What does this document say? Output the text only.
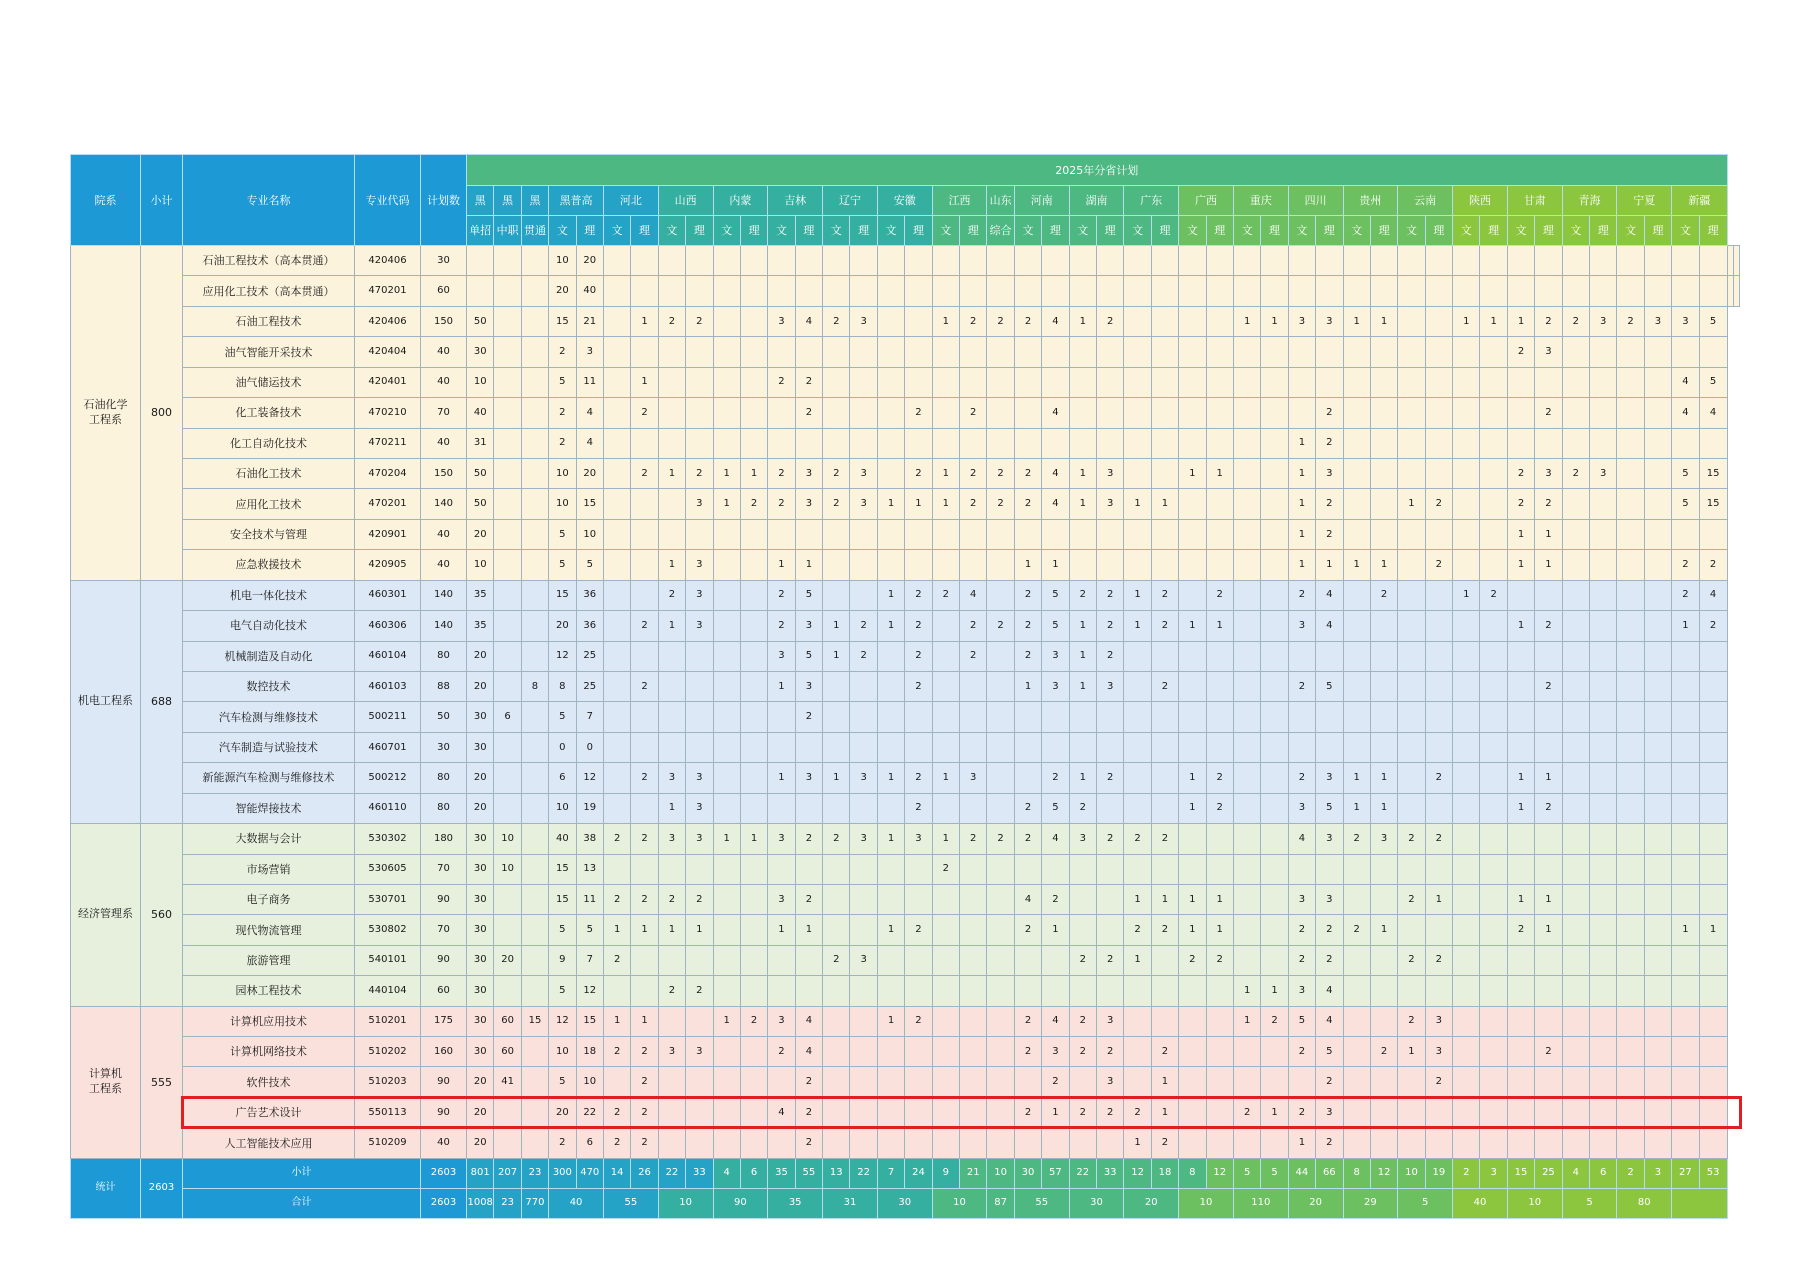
院系	小计	专业名称	专业代码	计划数	2025年分省计划																																															
					黑	黑	黑	黑普高		河北		山西		内蒙		吉林		辽宁		安徽		江西		山东	河南		湖南		广东		广西		重庆		四川		贵州		云南		陕西		甘肃		青海		宁夏		新疆			
					单招	中职	贯通	文	理	文	理	文	理	文	理	文	理	文	理	文	理	文	理	综合	文	理	文	理	文	理	文	理	文	理	文	理	文	理	文	理	文	理	文	理	文	理	文	理	文	理		
石油化学
工程系	800	石油工程技术（高本贯通）	420406	30				10	20																																											
		应用化工技术（高本贯通）	470201	60				20	40																																											
		石油工程技术	420406	150	50			15	21		1	2	2			3	4	2	3			1	2	2	2	4	1	2					1	1	3	3	1	1			1	1	1	2	2	3	2	3	3	5		
		油气智能开采技术	420404	40	30			2	3																																		2	3								
		油气储运技术	420401	40	10			5	11		1					2	2																																4	5		
		化工装备技术	470210	70	40			2	4		2						2				2		2			4										2								2					4	4		
		化工自动化技术	470211	40	31			2	4																										1	2																
		石油化工技术	470204	150	50			10	20		2	1	2	1	1	2	3	2	3		2	1	2	2	2	4	1	3			1	1			1	3							2	3	2	3			5	15		
		应用化工技术	470201	140	50			10	15				3	1	2	2	3	2	3	1	1	1	2	2	2	4	1	3	1	1					1	2			1	2			2	2					5	15		
		安全技术与管理	420901	40	20			5	10																										1	2							1	1								
		应急救援技术	420905	40	10			5	5			1	3			1	1								1	1									1	1	1	1		2			1	1					2	2		
机电工程系	688	机电一体化技术	460301	140	35			15	36			2	3			2	5			1	2	2	4		2	5	2	2	1	2		2			2	4		2			1	2							2	4		
		电气自动化技术	460306	140	35			20	36		2	1	3			2	3	1	2	1	2		2	2	2	5	1	2	1	2	1	1			3	4							1	2					1	2		
		机械制造及自动化	460104	80	20			12	25							3	5	1	2		2		2		2	3	1	2																								
		数控技术	460103	88	20		8	8	25		2					1	3				2				1	3	1	3		2					2	5								2								
		汽车检测与维修技术	500211	50	30	6		5	7								2																																			
		汽车制造与试验技术	460701	30	30			0	0																																											
		新能源汽车检测与维修技术	500212	80	20			6	12		2	3	3			1	3	1	3	1	2	1	3			2	1	2			1	2			2	3	1	1		2			1	1								
		智能焊接技术	460110	80	20			10	19			1	3								2				2	5	2				1	2			3	5	1	1					1	2								
经济管理系	560	大数据与会计	530302	180	30	10		40	38	2	2	3	3	1	1	3	2	2	3	1	3	1	2	2	2	4	3	2	2	2					4	3	2	3	2	2												
		市场营销	530605	70	30	10		15	13													2																														
		电子商务	530701	90	30			15	11	2	2	2	2			3	2								4	2			1	1	1	1			3	3			2	1			1	1								
		现代物流管理	530802	70	30			5	5	1	1	1	1			1	1			1	2				2	1			2	2	1	1			2	2	2	1					2	1					1	1		
		旅游管理	540101	90	30	20		9	7	2								2	3								2	2	1		2	2			2	2			2	2												
		园林工程技术	440104	60	30			5	12			2	2																				1	1	3	4																
计算机
工程系	555	计算机应用技术	510201	175	30	60	15	12	15	1	1			1	2	3	4			1	2				2	4	2	3					1	2	5	4			2	3												
		计算机网络技术	510202	160	30	60		10	18	2	2	3	3			2	4								2	3	2	2		2					2	5		2	1	3				2								
		软件技术	510203	90	20	41		5	10		2						2									2		3		1						2				2												
		广告艺术设计	550113	90	20			20	22	2	2					4	2								2	1	2	2	2	1			2	1	2	3																
		人工智能技术应用	510209	40	20			2	6	2	2						2												1	2					1	2																
统计	2603	小计		2603	801	207	23	300	470	14	26	22	33	4	6	35	55	13	22	7	24	9	21	10	30	57	22	33	12	18	8	12	5	5	44	66	8	12	10	19	2	3	15	25	4	6	2	3	27	53		
		合计		2603	1008	23	770	40		55		10		90		35		31		30		10		87	55		30		20		10		110		20		29		5		40		10		5		80					
